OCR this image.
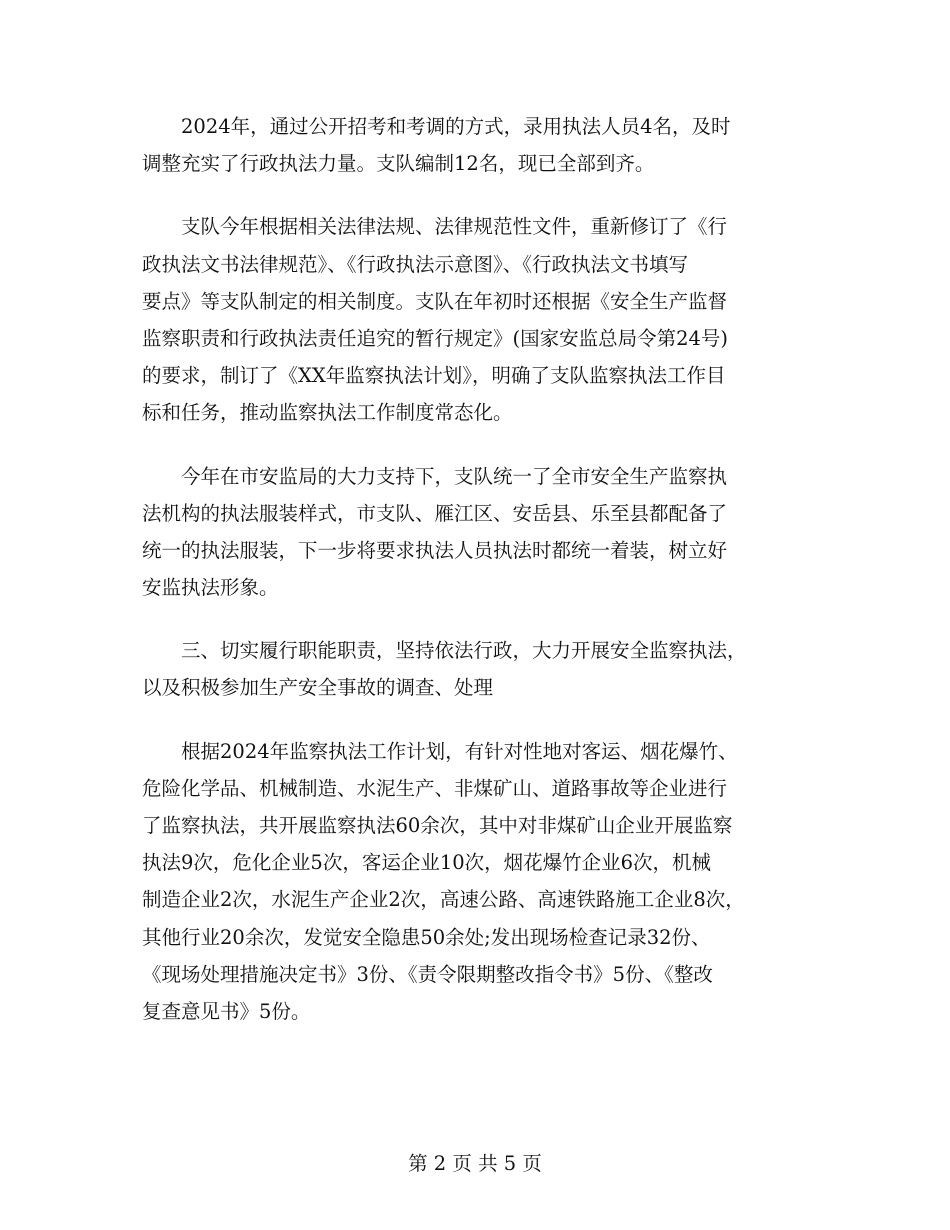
2024年，通过公开招考和考调的方式，录用执法人员4名，及时
调整充实了行政执法力量。支队编制12名，现已全部到齐。
支队今年根据相关法律法规、法律规范性文件，重新修订了《行
政执法文书法律规范》、《行政执法示意图》、《行政执法文书填写
要点》等支队制定的相关制度。支队在年初时还根据《安全生产监督
监察职责和行政执法责任追究的暂行规定》(国家安监总局令第24号)
的要求，制订了《XX年监察执法计划》，明确了支队监察执法工作目
标和任务，推动监察执法工作制度常态化。
今年在市安监局的大力支持下，支队统一了全市安全生产监察执
法机构的执法服装样式，市支队、雁江区、安岳县、乐至县都配备了
统一的执法服装，下一步将要求执法人员执法时都统一着装，树立好
安监执法形象。
三、切实履行职能职责，坚持依法行政，大力开展安全监察执法，
以及积极参加生产安全事故的调查、处理
根据2024年监察执法工作计划，有针对性地对客运、烟花爆竹、
危险化学品、机械制造、水泥生产、非煤矿山、道路事故等企业进行
了监察执法，共开展监察执法60余次，其中对非煤矿山企业开展监察
执法9次，危化企业5次，客运企业10次，烟花爆竹企业6次，机械
制造企业2次，水泥生产企业2次，高速公路、高速铁路施工企业8次，
其他行业20余次，发觉安全隐患50余处;发出现场检查记录32份、
《现场处理措施决定书》3份、《责令限期整改指令书》5份、《整改
复查意见书》5份。
第 2 页 共 5 页
